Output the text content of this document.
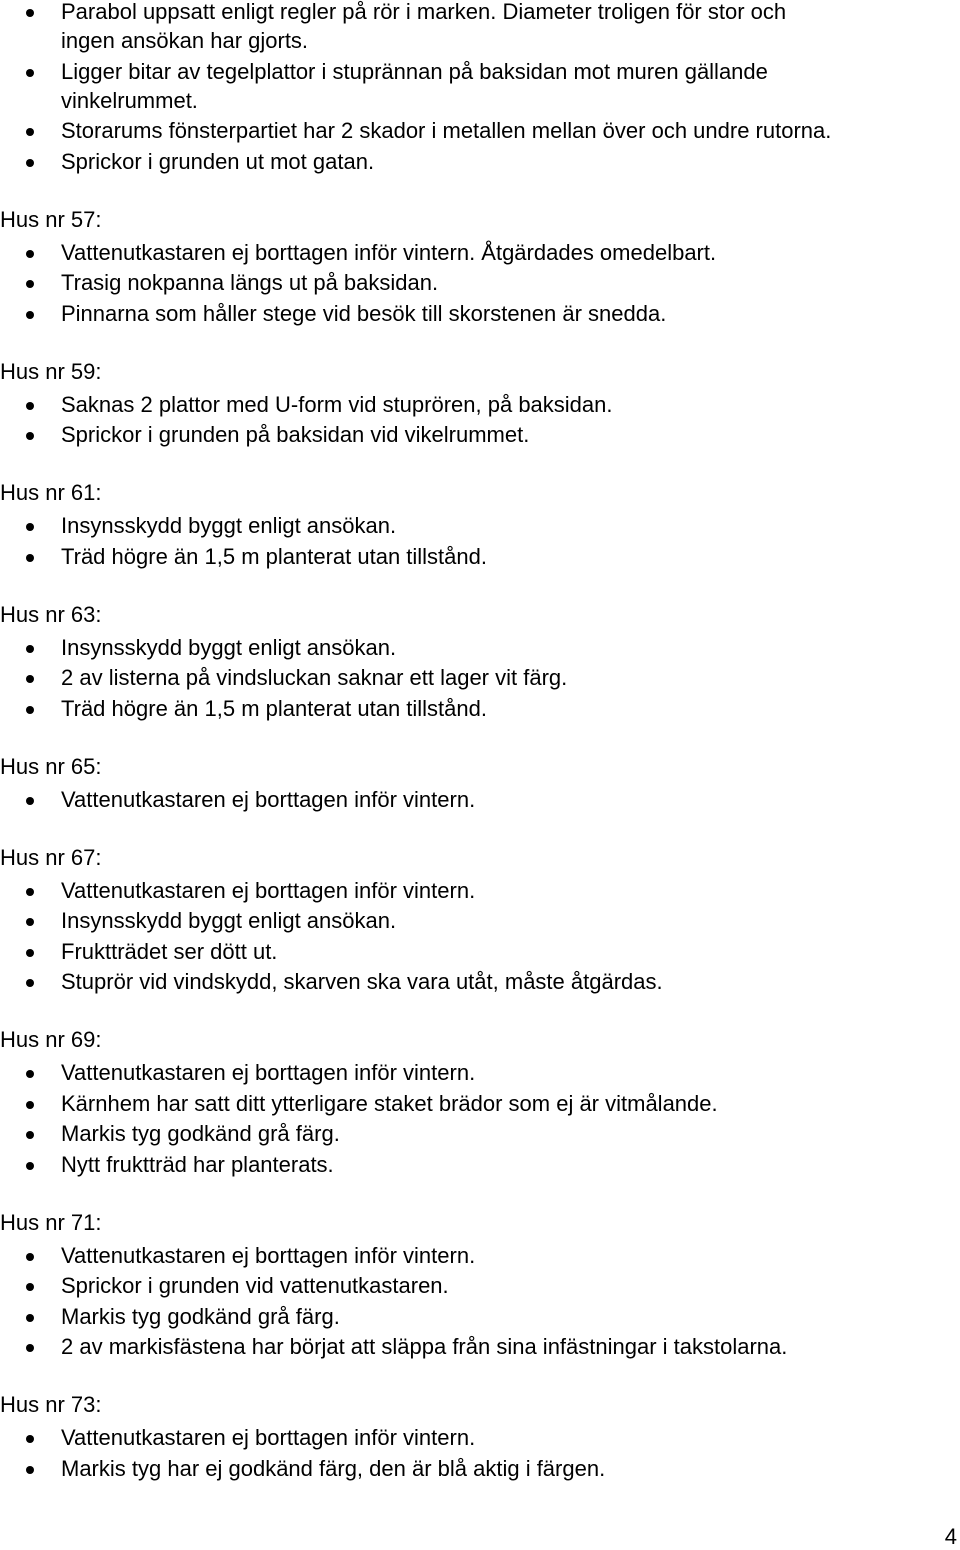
Parabol uppsatt enligt regler på rör i marken. Diameter troligen för stor och
ingen ansökan har gjorts.
Ligger bitar av tegelplattor i stuprännan på baksidan mot muren gällande
vinkelrummet.
Storarums fönsterpartiet har 2 skador i metallen mellan över och undre rutorna.
Sprickor i grunden ut mot gatan.
Hus nr 57:
Vattenutkastaren ej borttagen inför vintern. Åtgärdades omedelbart.
Trasig nokpanna längs ut på baksidan.
Pinnarna som håller stege vid besök till skorstenen är snedda.
Hus nr 59:
Saknas 2 plattor med U-form vid stuprören, på baksidan.
Sprickor i grunden på baksidan vid vikelrummet.
Hus nr 61:
Insynsskydd byggt enligt ansökan.
Träd högre än 1,5 m planterat utan tillstånd.
Hus nr 63:
Insynsskydd byggt enligt ansökan.
2 av listerna på vindsluckan saknar ett lager vit färg.
Träd högre än 1,5 m planterat utan tillstånd.
Hus nr 65:
Vattenutkastaren ej borttagen inför vintern.
Hus nr 67:
Vattenutkastaren ej borttagen inför vintern.
Insynsskydd byggt enligt ansökan.
Fruktträdet ser dött ut.
Stuprör vid vindskydd, skarven ska vara utåt, måste åtgärdas.
Hus nr 69:
Vattenutkastaren ej borttagen inför vintern.
Kärnhem har satt ditt ytterligare staket brädor som ej är vitmålande.
Markis tyg godkänd grå färg.
Nytt fruktträd har planterats.
Hus nr 71:
Vattenutkastaren ej borttagen inför vintern.
Sprickor i grunden vid vattenutkastaren.
Markis tyg godkänd grå färg.
2 av markisfästena har börjat att släppa från sina infästningar i takstolarna.
Hus nr 73:
Vattenutkastaren ej borttagen inför vintern.
Markis tyg har ej godkänd färg, den är blå aktig i färgen.
4
